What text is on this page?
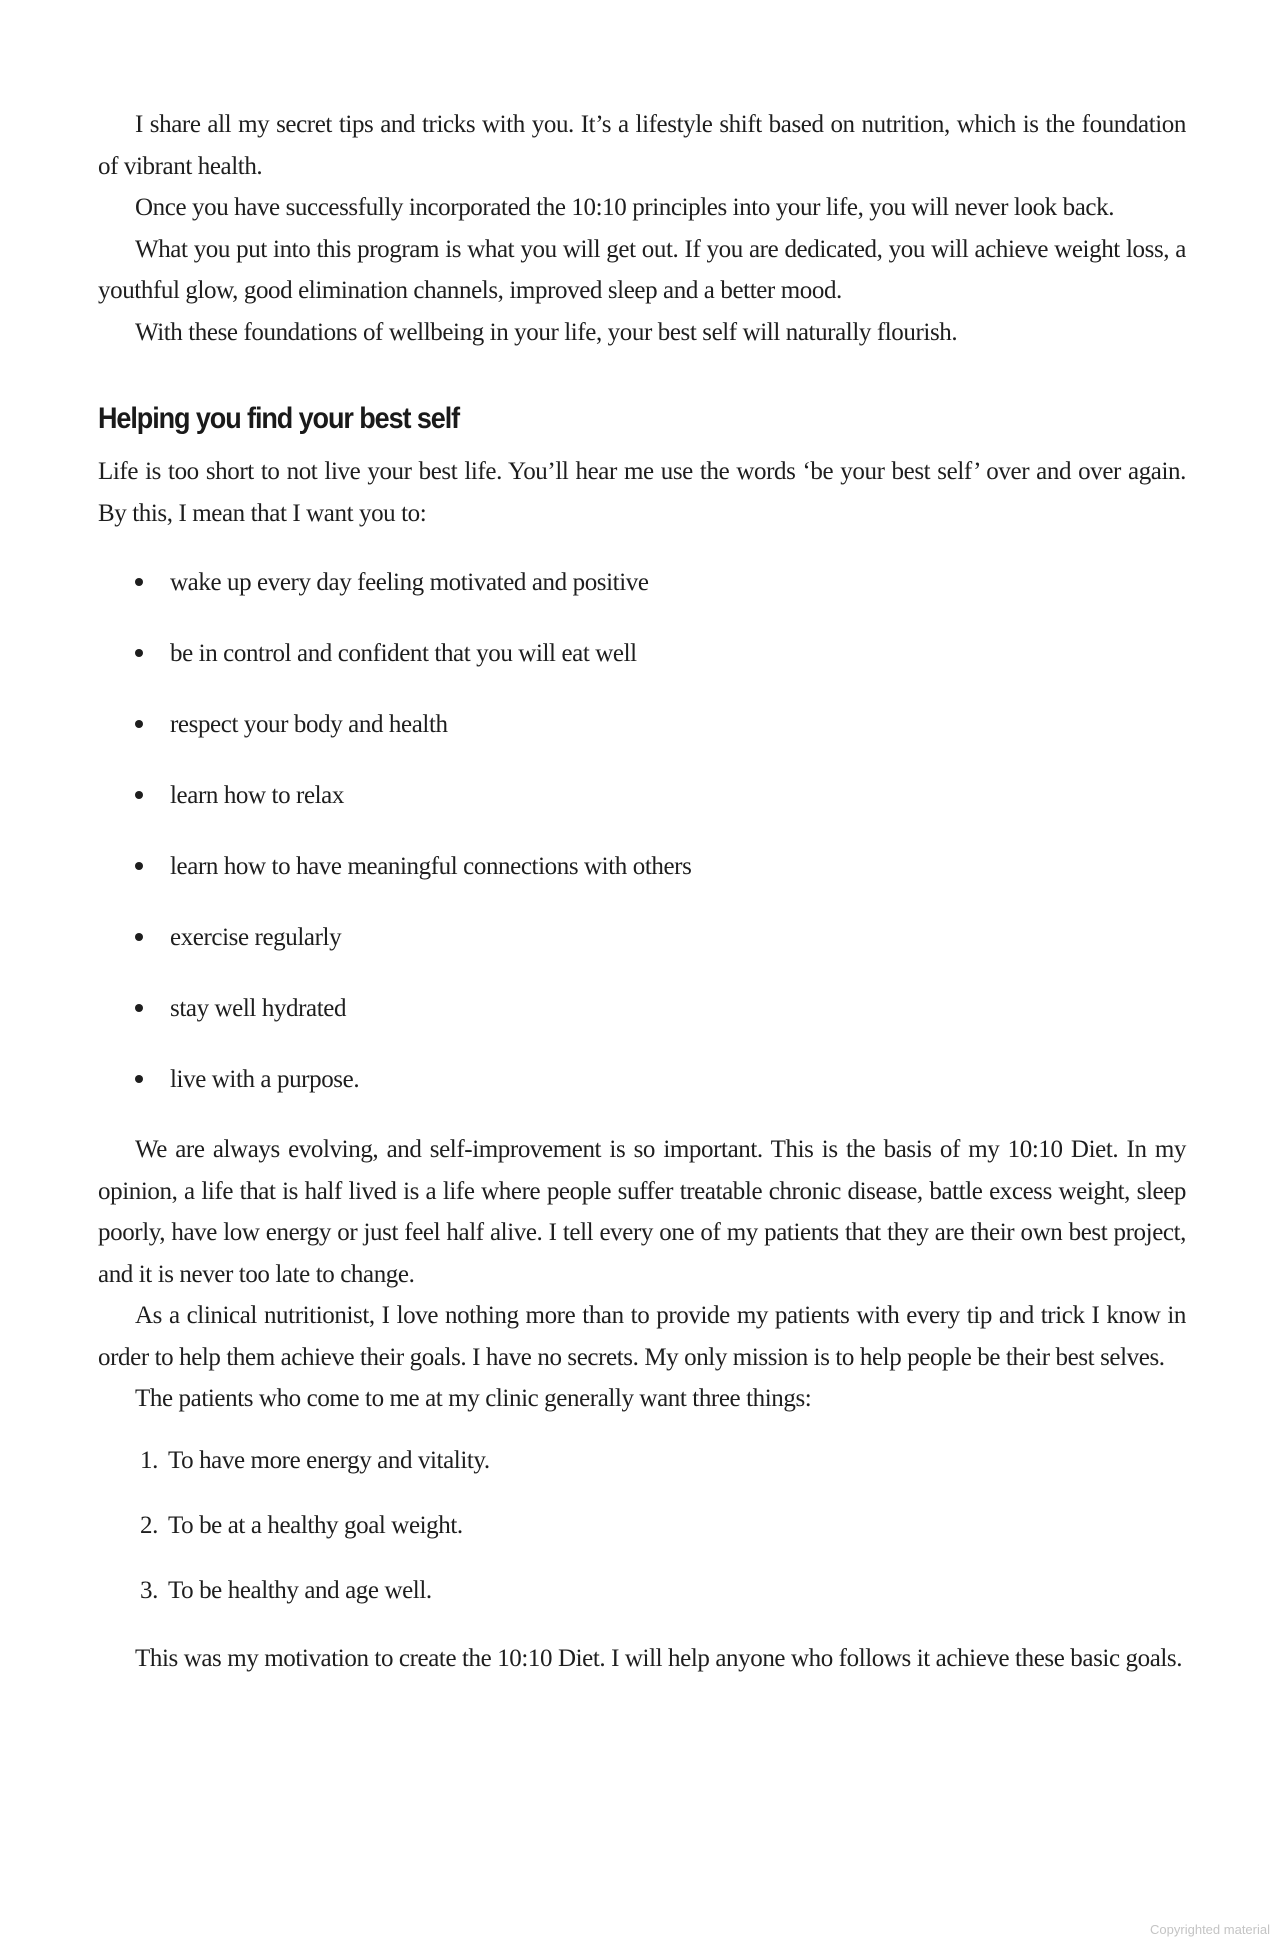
I share all my secret tips and tricks with you. It’s a lifestyle shift based on nutrition, which is the foundation of vibrant health.

Once you have successfully incorporated the 10:10 principles into your life, you will never look back.

What you put into this program is what you will get out. If you are dedicated, you will achieve weight loss, a youthful glow, good elimination channels, improved sleep and a better mood.

With these foundations of wellbeing in your life, your best self will naturally flourish.

Helping you find your best self

Life is too short to not live your best life. You’ll hear me use the words ‘be your best self’ over and over again. By this, I mean that I want you to:

wake up every day feeling motivated and positive
be in control and confident that you will eat well
respect your body and health
learn how to relax
learn how to have meaningful connections with others
exercise regularly
stay well hydrated
live with a purpose.

We are always evolving, and self-improvement is so important. This is the basis of my 10:10 Diet. In my opinion, a life that is half lived is a life where people suffer treatable chronic disease, battle excess weight, sleep poorly, have low energy or just feel half alive. I tell every one of my patients that they are their own best project, and it is never too late to change.

As a clinical nutritionist, I love nothing more than to provide my patients with every tip and trick I know in order to help them achieve their goals. I have no secrets. My only mission is to help people be their best selves.

The patients who come to me at my clinic generally want three things:

1. To have more energy and vitality.
2. To be at a healthy goal weight.
3. To be healthy and age well.

This was my motivation to create the 10:10 Diet. I will help anyone who follows it achieve these basic goals.

Copyrighted material
